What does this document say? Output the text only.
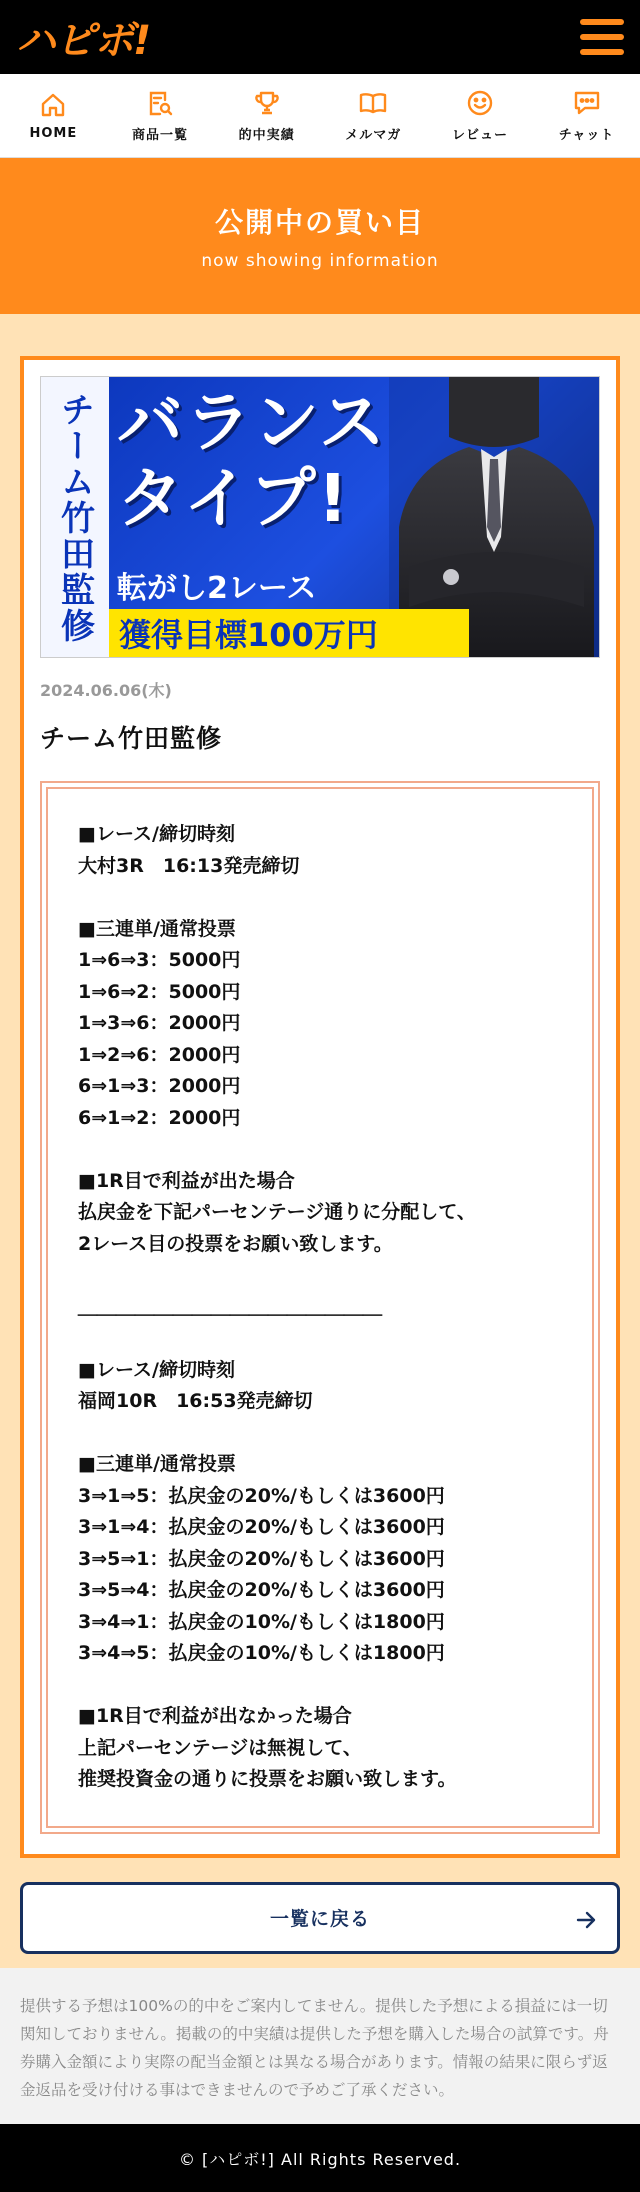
ハピボ!
HOME	商品一覧	的中実績	メルマガ	レビュー	チャット
公開中の買い目
now showing information
チーム竹田監修 バランス
タイプ!
転がし2レース
獲得目標100万円
2024.06.06(木)
チーム竹田監修
■レース/締切時刻
大村3R　16:13発売締切
■三連単/通常投票
1⇒6⇒3：5000円
1⇒6⇒2：5000円
1⇒3⇒6：2000円
1⇒2⇒6：2000円
6⇒1⇒3：2000円
6⇒1⇒2：2000円
■1R目で利益が出た場合
払戻金を下記パーセンテージ通りに分配して、
2レース目の投票をお願い致します。
＿＿＿＿＿＿＿＿＿＿＿＿＿＿＿＿
■レース/締切時刻
福岡10R　16:53発売締切
■三連単/通常投票
3⇒1⇒5：払戻金の20%/もしくは3600円
3⇒1⇒4：払戻金の20%/もしくは3600円
3⇒5⇒1：払戻金の20%/もしくは3600円
3⇒5⇒4：払戻金の20%/もしくは3600円
3⇒4⇒1：払戻金の10%/もしくは1800円
3⇒4⇒5：払戻金の10%/もしくは1800円
■1R目で利益が出なかった場合
上記パーセンテージは無視して、
推奨投資金の通りに投票をお願い致します。
一覧に戻る
提供する予想は100%の的中をご案内してません。提供した予想による損益には一切関知しておりません。掲載の的中実績は提供した予想を購入した場合の試算です。舟券購入金額により実際の配当金額とは異なる場合があります。情報の結果に限らず返金返品を受け付ける事はできませんので予めご了承ください。
© [ハピボ!] All Rights Reserved.
